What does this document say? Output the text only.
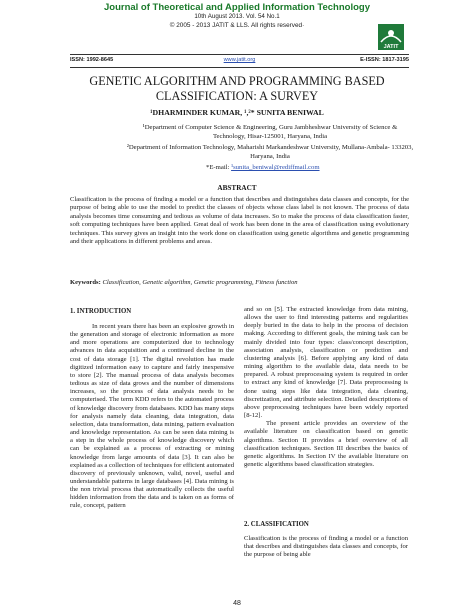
Journal of Theoretical and Applied Information Technology
10th August 2013. Vol. 54 No.1
© 2005 - 2013 JATIT & LLS. All rights reserved·
JATIT
www.jatit.org
ISSN: 1992-8645	E-ISSN: 1817-3195
GENETIC ALGORITHM AND PROGRAMMING BASED
CLASSIFICATION: A SURVEY
¹DHARMINDER KUMAR, ¹,²* SUNITA BENIWAL
¹Department of Computer Science & Engineering, Guru Jambheshwar University of Science &
Technology, Hisar-125001, Haryana, India
²Department of Information Technology, Maharishi Markandeshwar University, Mullana-Ambala- 133203,
Haryana, India
*E-mail: ¹sunita_beniwal@rediffmail.com
ABSTRACT
Classification is the process of finding a model or a function that describes and distinguishes data classes and concepts, for the purpose of being able to use the model to predict the classes of objects whose class label is not known. The process of data analysis becomes time consuming and tedious as volume of data increases. So to make the process of data classification faster, soft computing techniques have been applied. Great deal of work has been done in the area of classification using evolutionary techniques. This survey gives an insight into the work done on classification using genetic algorithms and genetic programming and their applications in different problems and areas.
Keywords: Classification, Genetic algorithm, Genetic programming, Fitness function
1. INTRODUCTION

In recent years there has been an explosive growth in the generation and storage of electronic information as more and more operations are computerized due to technology advances in data acquisition and a continued decline in the cost of data storage [1]. The digital revolution has made digitized information easy to capture and fairly inexpensive to store [2]. The manual process of data analysis becomes tedious as size of data grows and the number of dimensions increases, so the process of data analysis needs to be computerised. The term KDD refers to the automated process of knowledge discovery from databases. KDD has many steps for analysis namely data cleaning, data integration, data selection, data transformation, data mining, pattern evaluation and knowledge representation. As can be seen data mining is a step in the whole process of knowledge discovery which can be explained as a process of extracting or mining knowledge from large amounts of data [3]. It can also be explained as a collection of techniques for efficient automated discovery of previously unknown, valid, novel, useful and understandable patterns in large databases [4]. Data mining is the non trivial process that automatically collects the useful hidden information from the data and is taken on as forms of rule, concept, pattern

and so on [5]. The extracted knowledge from data mining, allows the user to find interesting patterns and regularities deeply buried in the data to help in the process of decision making. According to different goals, the mining task can be mainly divided into four types: class/concept description, association analysis, classification or prediction and clustering analysis [6]. Before applying any kind of data mining algorithm to the available data, data needs to be prepared. A robust preprocessing system is required in order to extract any kind of knowledge [7]. Data preprocessing is done using steps like data integration, data cleaning, discretization, and attribute selection. Detailed descriptions of above preprocessing techniques have been widely reported [8-12].

The present article provides an overview of the available literature on classification based on genetic algorithms. Section II provides a brief overview of all classification techniques. Section III describes the basics of genetic algorithms. In Section IV the available literature on genetic algorithms based classification strategies.

2. CLASSIFICATION

Classification is the process of finding a model or a function that describes and distinguishes data classes and concepts, for the purpose of being able

48
